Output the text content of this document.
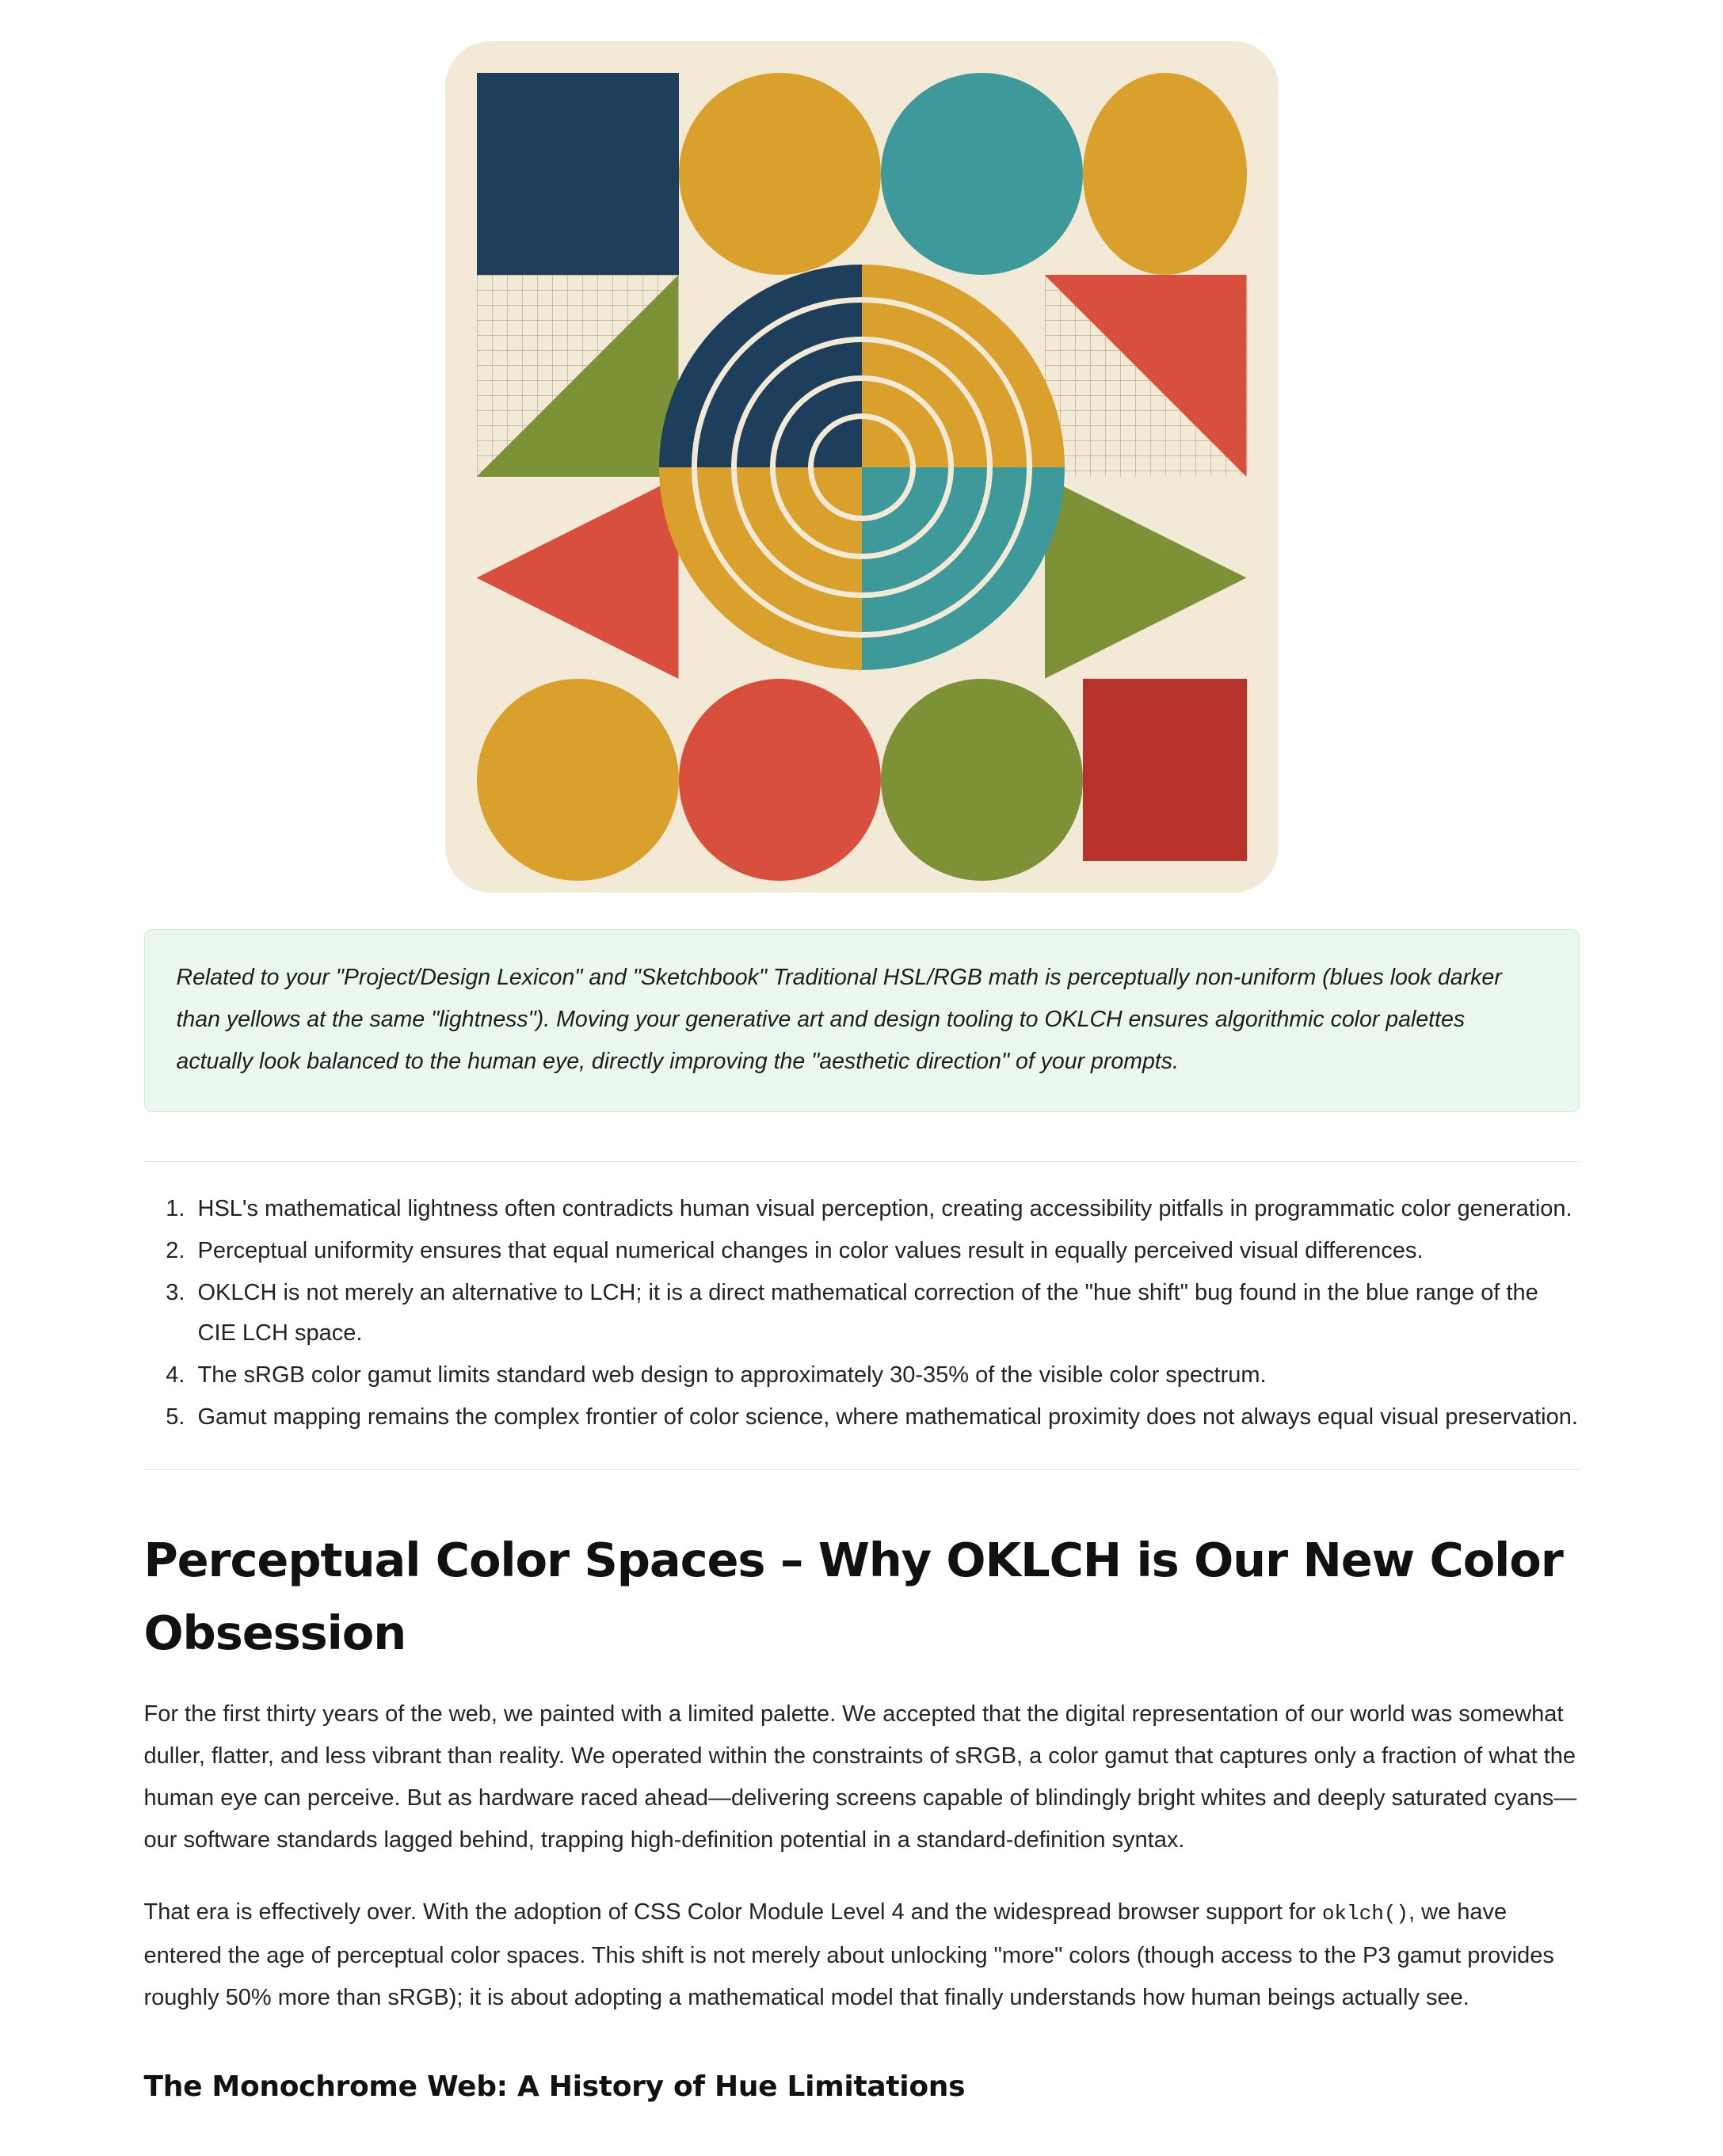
Related to your "Project/Design Lexicon" and "Sketchbook" Traditional HSL/RGB math is perceptually non-uniform (blues look darker than yellows at the same "lightness"). Moving your generative art and design tooling to OKLCH ensures algorithmic color palettes actually look balanced to the human eye, directly improving the "aesthetic direction" of your prompts.

1. HSL's mathematical lightness often contradicts human visual perception, creating accessibility pitfalls in programmatic color generation.
2. Perceptual uniformity ensures that equal numerical changes in color values result in equally perceived visual differences.
3. OKLCH is not merely an alternative to LCH; it is a direct mathematical correction of the "hue shift" bug found in the blue range of the CIE LCH space.
4. The sRGB color gamut limits standard web design to approximately 30-35% of the visible color spectrum.
5. Gamut mapping remains the complex frontier of color science, where mathematical proximity does not always equal visual preservation.
Perceptual Color Spaces – Why OKLCH is Our New Color Obsession

For the first thirty years of the web, we painted with a limited palette. We accepted that the digital representation of our world was somewhat duller, flatter, and less vibrant than reality. We operated within the constraints of sRGB, a color gamut that captures only a fraction of what the human eye can perceive. But as hardware raced ahead—delivering screens capable of blindingly bright whites and deeply saturated cyans—our software standards lagged behind, trapping high-definition potential in a standard-definition syntax.

That era is effectively over. With the adoption of CSS Color Module Level 4 and the widespread browser support for oklch(), we have entered the age of perceptual color spaces. This shift is not merely about unlocking "more" colors (though access to the P3 gamut provides roughly 50% more than sRGB); it is about adopting a mathematical model that finally understands how human beings actually see.

The Monochrome Web: A History of Hue Limitations
